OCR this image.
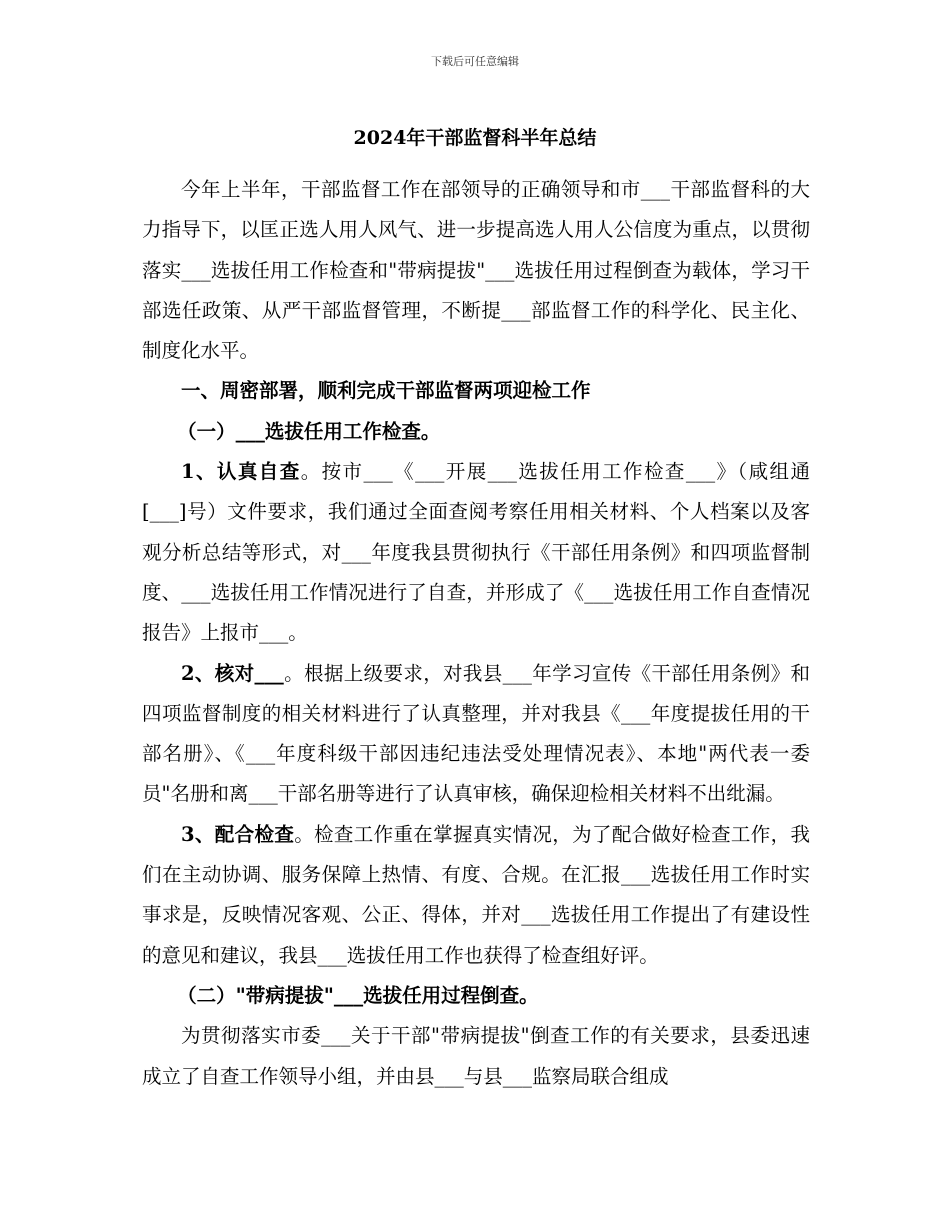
下载后可任意编辑
2024年干部监督科半年总结

今年上半年，干部监督工作在部领导的正确领导和市___干部监督科的大力指导下，以匡正选人用人风气、进一步提高选人用人公信度为重点，以贯彻落实___选拔任用工作检查和"带病提拔"___选拔任用过程倒查为载体，学习干部选任政策、从严干部监督管理，不断提___部监督工作的科学化、民主化、制度化水平。

一、周密部署，顺利完成干部监督两项迎检工作

（一）___选拔任用工作检查。

1、认真自查。按市___《___开展___选拔任用工作检查___》（咸组通[___]号）文件要求，我们通过全面查阅考察任用相关材料、个人档案以及客观分析总结等形式，对___年度我县贯彻执行《干部任用条例》和四项监督制度、___选拔任用工作情况进行了自查，并形成了《___选拔任用工作自查情况报告》上报市___。

2、核对___。根据上级要求，对我县___年学习宣传《干部任用条例》和四项监督制度的相关材料进行了认真整理，并对我县《___年度提拔任用的干部名册》、《___年度科级干部因违纪违法受处理情况表》、本地"两代表一委员"名册和离___干部名册等进行了认真审核，确保迎检相关材料不出纰漏。

3、配合检查。检查工作重在掌握真实情况，为了配合做好检查工作，我们在主动协调、服务保障上热情、有度、合规。在汇报___选拔任用工作时实事求是，反映情况客观、公正、得体，并对___选拔任用工作提出了有建设性的意见和建议，我县___选拔任用工作也获得了检查组好评。

（二）"带病提拔"___选拔任用过程倒查。

为贯彻落实市委___关于干部"带病提拔"倒查工作的有关要求，县委迅速成立了自查工作领导小组，并由县___与县___监察局联合组成
